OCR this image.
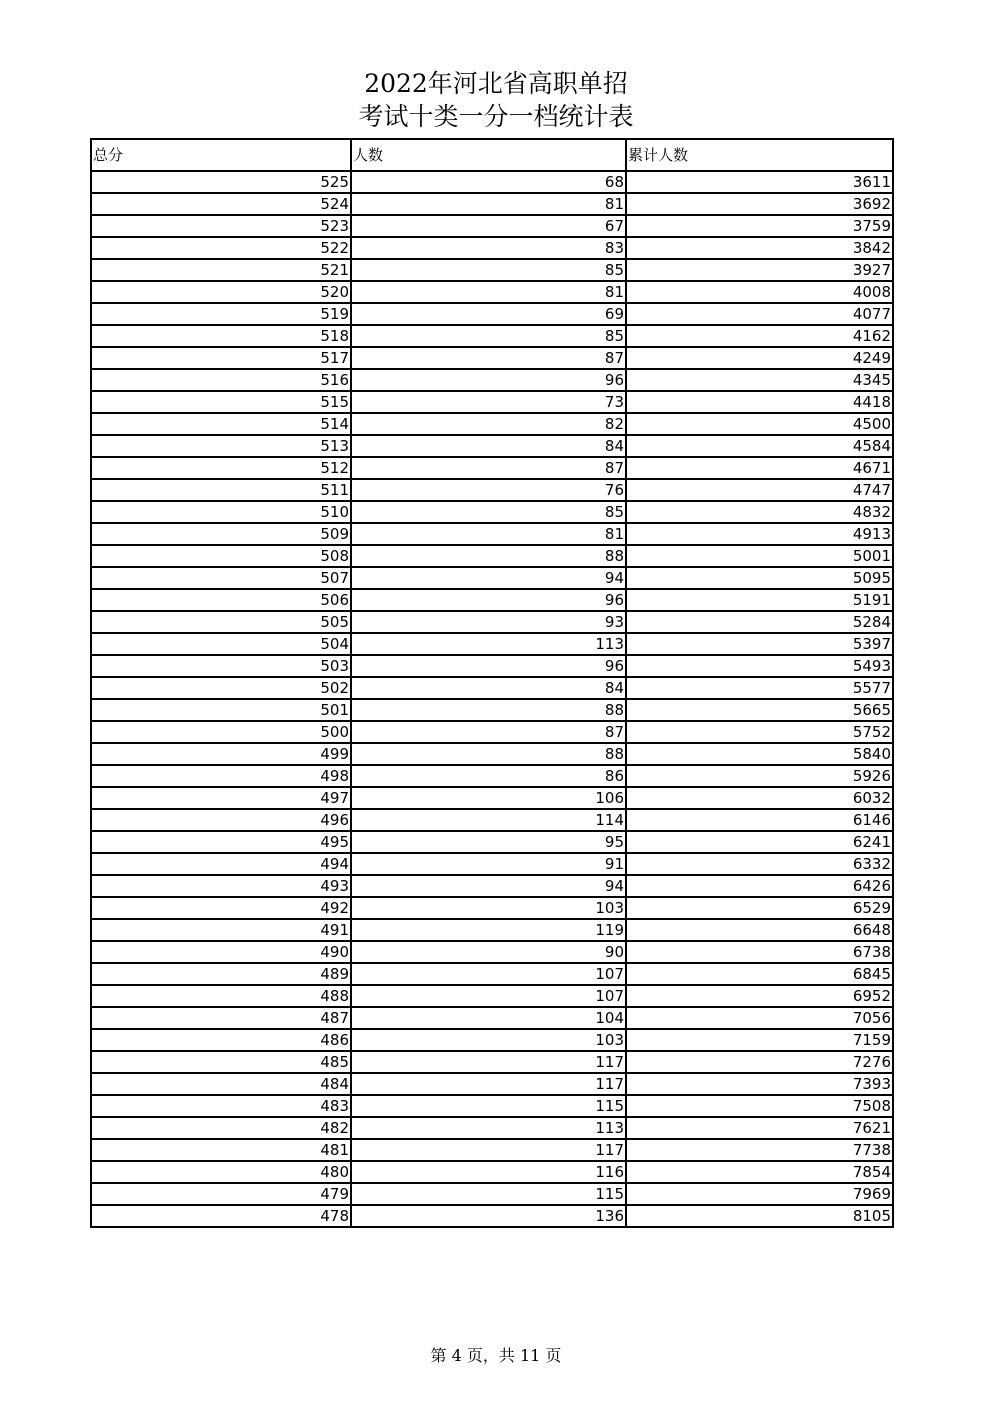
2022年河北省高职单招
考试十类一分一档统计表
总分	人数	累计人数
525	68	3611
524	81	3692
523	67	3759
522	83	3842
521	85	3927
520	81	4008
519	69	4077
518	85	4162
517	87	4249
516	96	4345
515	73	4418
514	82	4500
513	84	4584
512	87	4671
511	76	4747
510	85	4832
509	81	4913
508	88	5001
507	94	5095
506	96	5191
505	93	5284
504	113	5397
503	96	5493
502	84	5577
501	88	5665
500	87	5752
499	88	5840
498	86	5926
497	106	6032
496	114	6146
495	95	6241
494	91	6332
493	94	6426
492	103	6529
491	119	6648
490	90	6738
489	107	6845
488	107	6952
487	104	7056
486	103	7159
485	117	7276
484	117	7393
483	115	7508
482	113	7621
481	117	7738
480	116	7854
479	115	7969
478	136	8105
第 4 页，共 11 页
